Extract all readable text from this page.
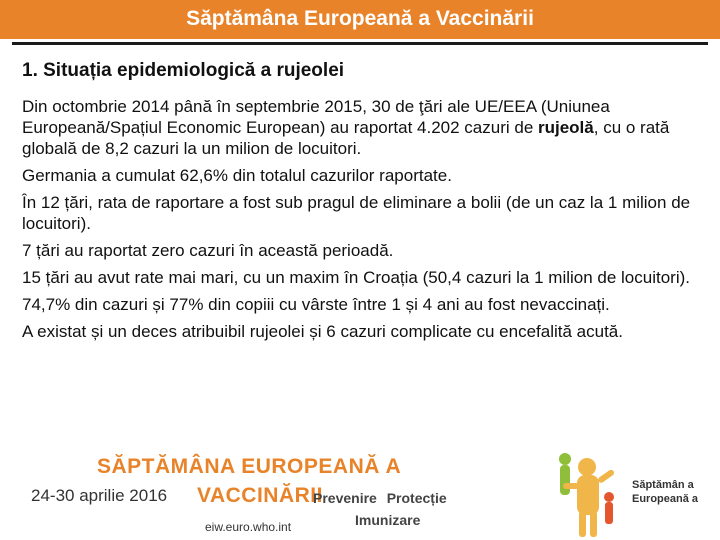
Săptămâna Europeană a Vaccinării
1. Situația epidemiologică a rujeolei

Din octombrie 2014 până în septembrie 2015, 30 de ţări ale UE/EEA (Uniunea Europeană/Spațiul Economic European) au raportat 4.202 cazuri de rujeolă, cu o rată globală de 8,2 cazuri la un milion de locuitori.

Germania a cumulat 62,6% din totalul cazurilor raportate.

În 12 țări, rata de raportare a fost sub pragul de eliminare a bolii (de un caz la 1 milion de locuitori).

7 țări au raportat zero cazuri în această perioadă.

15 țări au avut rate mai mari, cu un maxim în Croația (50,4 cazuri la 1 milion de locuitori).

74,7% din cazuri și 77% din copiii cu vârste între 1 și 4 ani au fost nevaccinați.

A existat și un deces atribuibil rujeolei și 6 cazuri complicate cu encefalită acută.

SĂPTĂMÂNA EUROPEANĂ A
24-30 aprilie 2016 VACCINĂRII
Prevenire Protecție
Imunizare
eiw.euro.who.int
Săptămân a Europeană a
